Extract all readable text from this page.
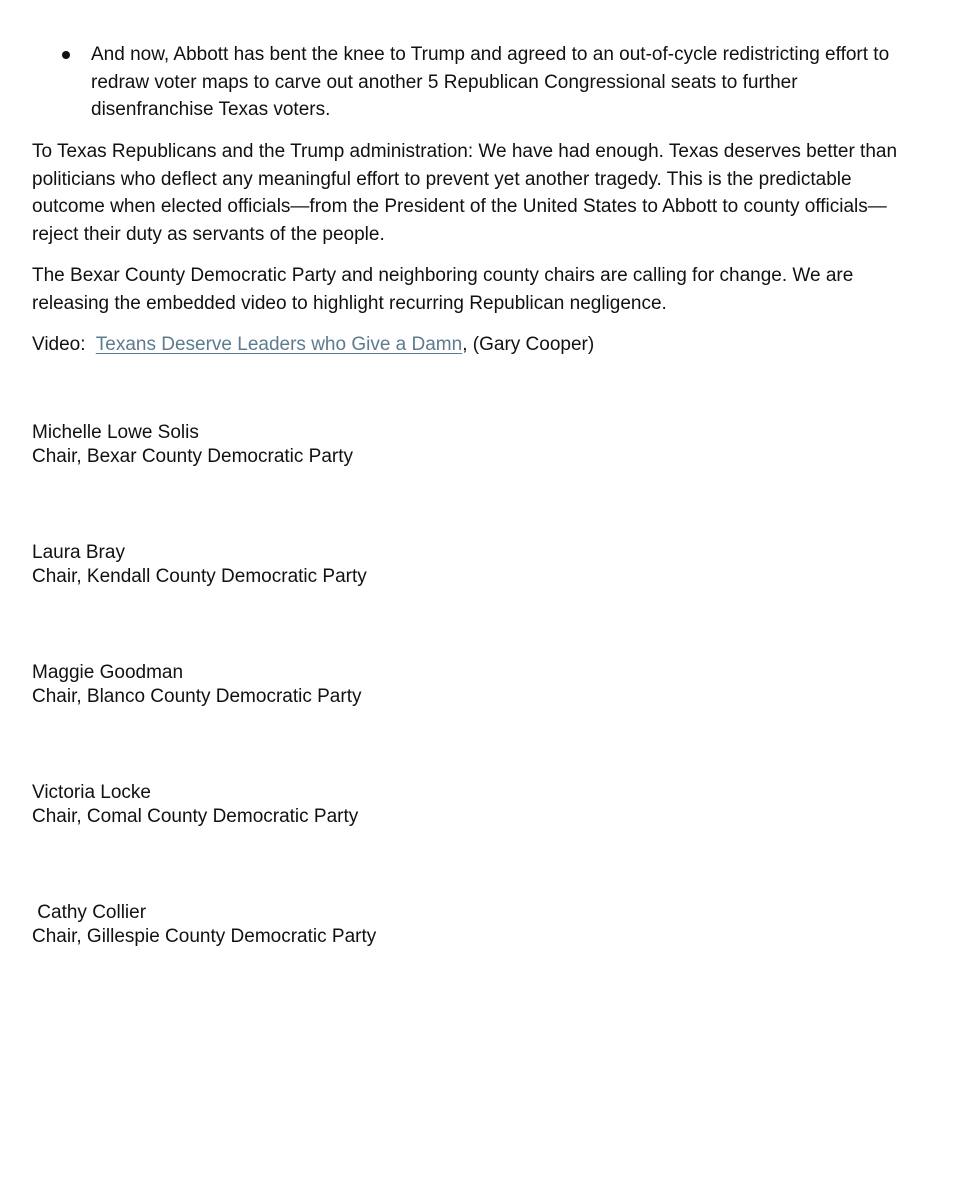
And now, Abbott has bent the knee to Trump and agreed to an out-of-cycle redistricting effort to redraw voter maps to carve out another 5 Republican Congressional seats to further disenfranchise Texas voters.

To Texas Republicans and the Trump administration: We have had enough. Texas deserves better than politicians who deflect any meaningful effort to prevent yet another tragedy. This is the predictable outcome when elected officials—from the President of the United States to Abbott to county officials—reject their duty as servants of the people.

The Bexar County Democratic Party and neighboring county chairs are calling for change. We are releasing the embedded video to highlight recurring Republican negligence.

Video:  Texans Deserve Leaders who Give a Damn, (Gary Cooper)

Michelle Lowe Solis
Chair, Bexar County Democratic Party
Laura Bray
Chair, Kendall County Democratic Party
Maggie Goodman
Chair, Blanco County Democratic Party
Victoria Locke
Chair, Comal County Democratic Party
Cathy Collier
Chair, Gillespie County Democratic Party
